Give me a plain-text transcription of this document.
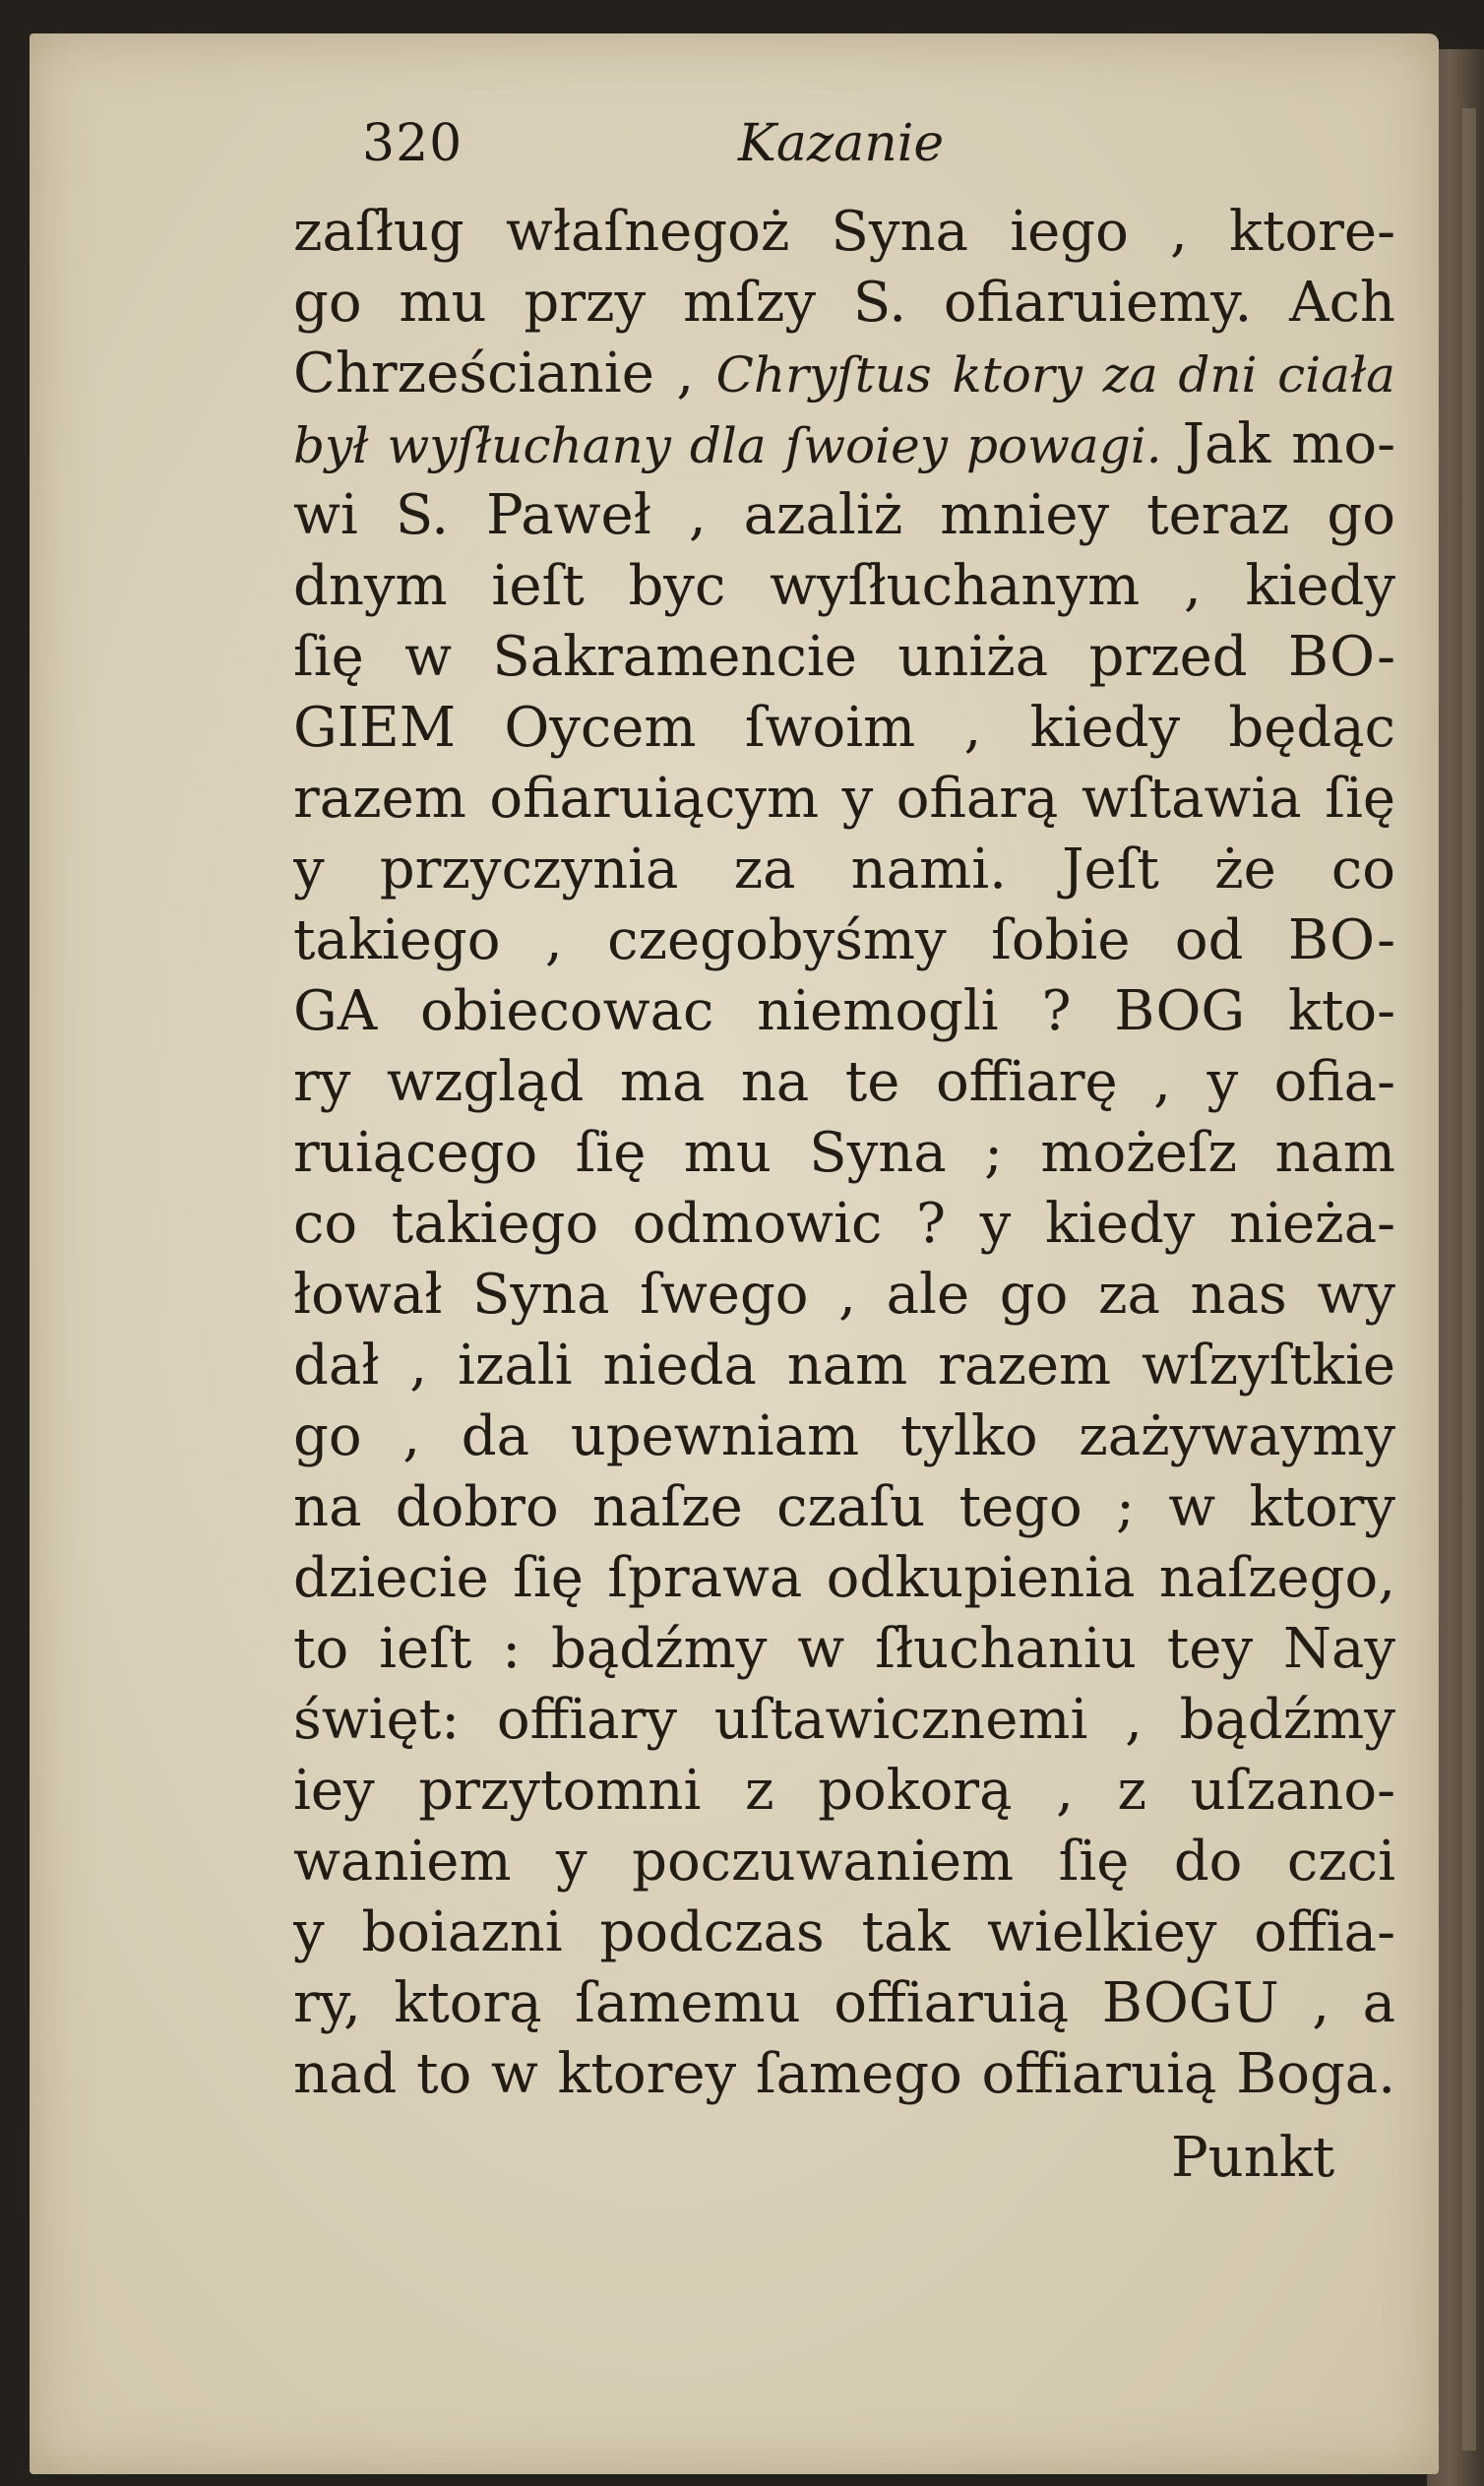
320	Kazanie
zaſług właſnegoż Syna iego , ktore-
go mu przy mſzy S. ofiaruiemy. Ach
Chrześcianie , Chryſtus ktory za dni ciała
był wyſłuchany dla ſwoiey powagi. Jak mo-
wi S. Paweł , azaliż mniey teraz go
dnym ieſt byc wyſłuchanym , kiedy
ſię w Sakramencie uniża przed BO-
GIEM Oycem ſwoim , kiedy będąc
razem ofiaruiącym y ofiarą wſtawia ſię
y przyczynia za nami. Jeſt że co
takiego , czegobyśmy ſobie od BO-
GA obiecowac niemogli ? BOG kto-
ry wzgląd ma na te offiarę , y ofia-
ruiącego ſię mu Syna ; możeſz nam
co takiego odmowic ? y kiedy nieża-
łował Syna ſwego , ale go za nas wy
dał , izali nieda nam razem wſzyſtkie
go , da upewniam tylko zażywaymy
na dobro naſze czaſu tego ; w ktory
dziecie ſię ſprawa odkupienia naſzego,
to ieſt : bądźmy w ſłuchaniu tey Nay
święt: offiary uſtawicznemi , bądźmy
iey przytomni z pokorą , z uſzano-
waniem y poczuwaniem ſię do czci
y boiazni podczas tak wielkiey offia-
ry, ktorą ſamemu offiaruią BOGU , a
nad to w ktorey ſamego offiaruią Boga.
Punkt
